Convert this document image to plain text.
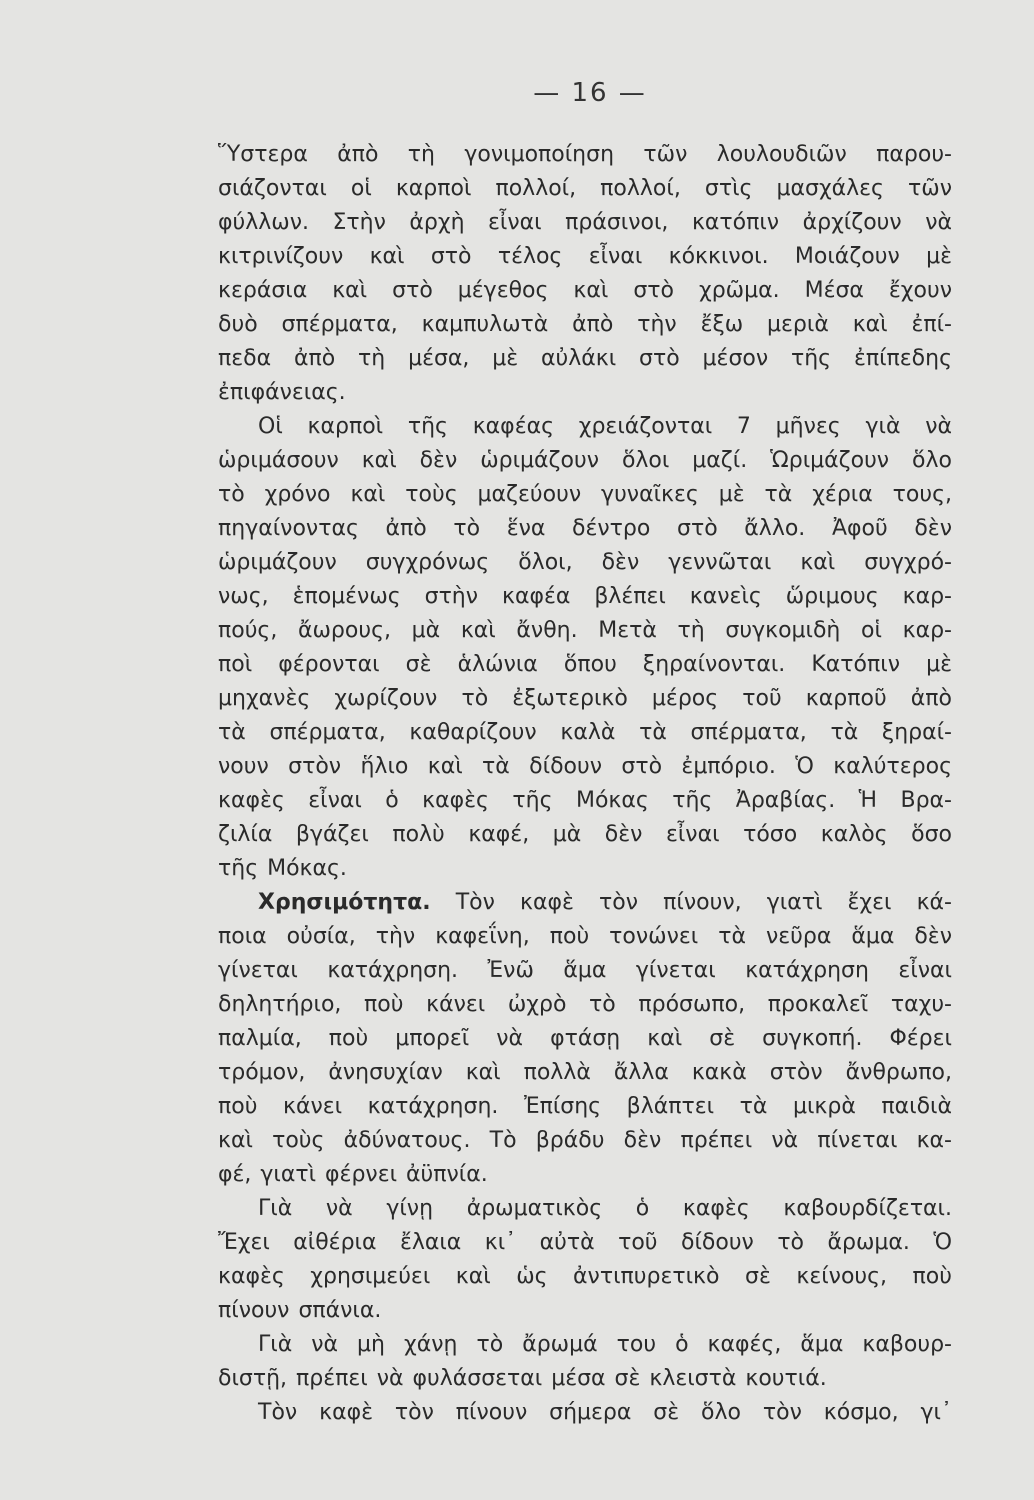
— 16 —
Ὕστερα ἀπὸ τὴ γονιμοποίηση τῶν λουλουδιῶν παρου-
σιάζονται οἱ καρποὶ πολλοί, πολλοί, στὶς μασχάλες τῶν
φύλλων. Στὴν ἀρχὴ εἶναι πράσινοι, κατόπιν ἀρχίζουν νὰ
κιτρινίζουν καὶ στὸ τέλος εἶναι κόκκινοι. Μοιάζουν μὲ
κεράσια καὶ στὸ μέγεθος καὶ στὸ χρῶμα. Μέσα ἔχουν
δυὸ σπέρματα, καμπυλωτὰ ἀπὸ τὴν ἔξω μεριὰ καὶ ἐπί-
πεδα ἀπὸ τὴ μέσα, μὲ αὐλάκι στὸ μέσον τῆς ἐπίπεδης
ἐπιφάνειας.
Οἱ καρποὶ τῆς καφέας χρειάζονται 7 μῆνες γιὰ νὰ
ὡριμάσουν καὶ δὲν ὡριμάζουν ὅλοι μαζί. Ὡριμάζουν ὅλο
τὸ χρόνο καὶ τοὺς μαζεύουν γυναῖκες μὲ τὰ χέρια τους,
πηγαίνοντας ἀπὸ τὸ ἕνα δέντρο στὸ ἄλλο. Ἀφοῦ δὲν
ὡριμάζουν συγχρόνως ὅλοι, δὲν γεννῶται καὶ συγχρό-
νως, ἑπομένως στὴν καφέα βλέπει κανεὶς ὥριμους καρ-
πούς, ἄωρους, μὰ καὶ ἄνθη. Μετὰ τὴ συγκομιδὴ οἱ καρ-
ποὶ φέρονται σὲ ἁλώνια ὅπου ξηραίνονται. Κατόπιν μὲ
μηχανὲς χωρίζουν τὸ ἐξωτερικὸ μέρος τοῦ καρποῦ ἀπὸ
τὰ σπέρματα, καθαρίζουν καλὰ τὰ σπέρματα, τὰ ξηραί-
νουν στὸν ἥλιο καὶ τὰ δίδουν στὸ ἐμπόριο. Ὁ καλύτερος
καφὲς εἶναι ὁ καφὲς τῆς Μόκας τῆς Ἀραβίας. Ἡ Βρα-
ζιλία βγάζει πολὺ καφέ, μὰ δὲν εἶναι τόσο καλὸς ὅσο
τῆς Μόκας.
Χρησιμότητα. Τὸν καφὲ τὸν πίνουν, γιατὶ ἔχει κά-
ποια οὐσία, τὴν καφεΐνη, ποὺ τονώνει τὰ νεῦρα ἅμα δὲν
γίνεται κατάχρηση. Ἐνῶ ἅμα γίνεται κατάχρηση εἶναι
δηλητήριο, ποὺ κάνει ὠχρὸ τὸ πρόσωπο, προκαλεῖ ταχυ-
παλμία, ποὺ μπορεῖ νὰ φτάσῃ καὶ σὲ συγκοπή. Φέρει
τρόμον, ἀνησυχίαν καὶ πολλὰ ἄλλα κακὰ στὸν ἄνθρωπο,
ποὺ κάνει κατάχρηση. Ἐπίσης βλάπτει τὰ μικρὰ παιδιὰ
καὶ τοὺς ἀδύνατους. Τὸ βράδυ δὲν πρέπει νὰ πίνεται κα-
φέ, γιατὶ φέρνει ἀϋπνία.
Γιὰ νὰ γίνῃ ἀρωματικὸς ὁ καφὲς καβουρδίζεται.
Ἔχει αἰθέρια ἔλαια κι᾽ αὐτὰ τοῦ δίδουν τὸ ἄρωμα. Ὁ
καφὲς χρησιμεύει καὶ ὡς ἀντιπυρετικὸ σὲ κείνους, ποὺ
πίνουν σπάνια.
Γιὰ νὰ μὴ χάνῃ τὸ ἄρωμά του ὁ καφές, ἅμα καβουρ-
διστῇ, πρέπει νὰ φυλάσσεται μέσα σὲ κλειστὰ κουτιά.
Τὸν καφὲ τὸν πίνουν σήμερα σὲ ὅλο τὸν κόσμο, γι᾽
